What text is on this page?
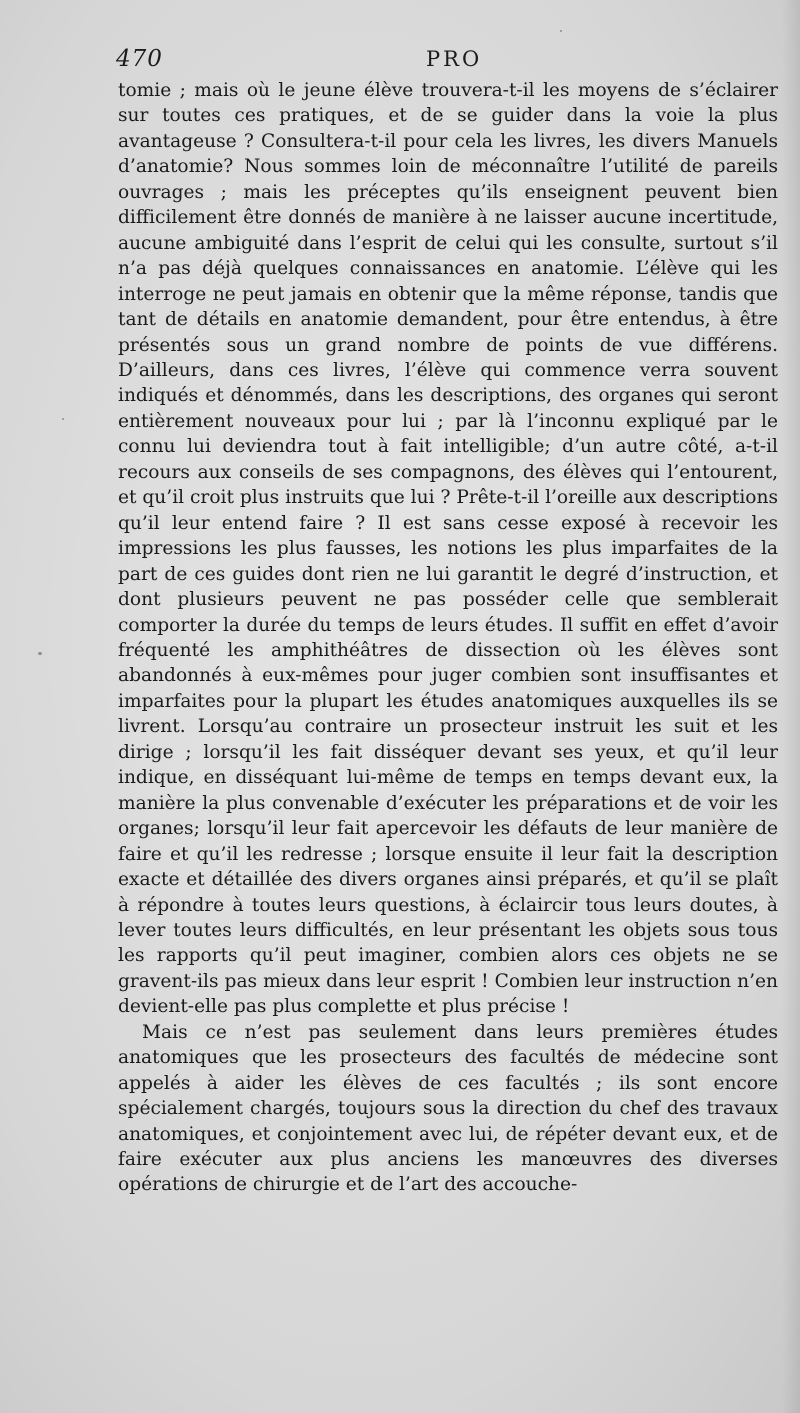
470	PRO

tomie ; mais où le jeune élève trouvera-t-il les moyens de s’éclairer sur toutes ces pratiques, et de se guider dans la voie la plus avantageuse ? Consultera-t-il pour cela les livres, les divers Manuels d’anatomie? Nous sommes loin de méconnaître l’utilité de pareils ouvrages ; mais les préceptes qu’ils enseignent peuvent bien difficilement être donnés de manière à ne laisser aucune incertitude, aucune ambiguité dans l’esprit de celui qui les consulte, surtout s’il n’a pas déjà quelques connaissances en anatomie. L’élève qui les interroge ne peut jamais en obtenir que la même réponse, tandis que tant de détails en anatomie demandent, pour être entendus, à être présentés sous un grand nombre de points de vue différens. D’ailleurs, dans ces livres, l’élève qui commence verra souvent indiqués et dénommés, dans les descriptions, des organes qui seront entièrement nouveaux pour lui ; par là l’inconnu expliqué par le connu lui deviendra tout à fait intelligible; d’un autre côté, a-t-il recours aux conseils de ses compagnons, des élèves qui l’entourent, et qu’il croit plus instruits que lui ? Prête-t-il l’oreille aux descriptions qu’il leur entend faire ? Il est sans cesse exposé à recevoir les impressions les plus fausses, les notions les plus imparfaites de la part de ces guides dont rien ne lui garantit le degré d’instruction, et dont plusieurs peuvent ne pas posséder celle que semblerait comporter la durée du temps de leurs études. Il suffit en effet d’avoir fréquenté les amphithéâtres de dissection où les élèves sont abandonnés à eux-mêmes pour juger combien sont insuffisantes et imparfaites pour la plupart les études anatomiques auxquelles ils se livrent. Lorsqu’au contraire un prosecteur instruit les suit et les dirige ; lorsqu’il les fait disséquer devant ses yeux, et qu’il leur indique, en disséquant lui-même de temps en temps devant eux, la manière la plus convenable d’exécuter les préparations et de voir les organes; lorsqu’il leur fait apercevoir les défauts de leur manière de faire et qu’il les redresse ; lorsque ensuite il leur fait la description exacte et détaillée des divers organes ainsi préparés, et qu’il se plaît à répondre à toutes leurs questions, à éclaircir tous leurs doutes, à lever toutes leurs difficultés, en leur présentant les objets sous tous les rapports qu’il peut imaginer, combien alors ces objets ne se gravent-ils pas mieux dans leur esprit ! Combien leur instruction n’en devient-elle pas plus complette et plus précise !

Mais ce n’est pas seulement dans leurs premières études anatomiques que les prosecteurs des facultés de médecine sont appelés à aider les élèves de ces facultés ; ils sont encore spécialement chargés, toujours sous la direction du chef des travaux anatomiques, et conjointement avec lui, de répéter devant eux, et de faire exécuter aux plus anciens les manœuvres des diverses opérations de chirurgie et de l’art des accouche-
